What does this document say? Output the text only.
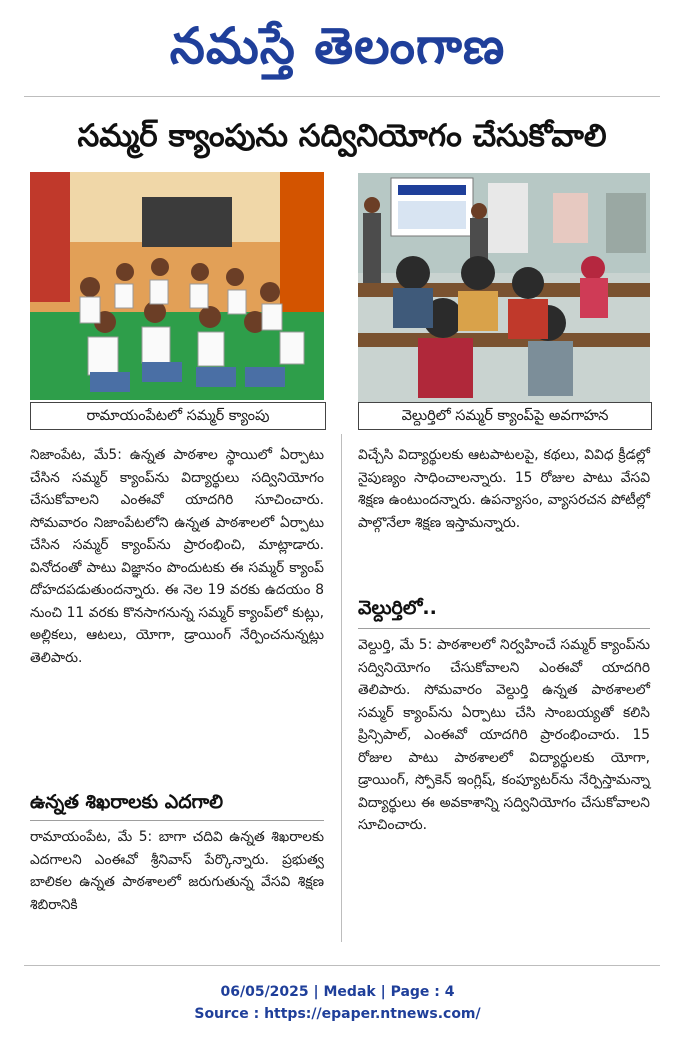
నమస్తే తెలంగాణ
సమ్మర్ క్యాంపును సద్వినియోగం చేసుకోవాలి
రామాయంపేటలో సమ్మర్ క్యాంపు	వెల్దుర్తిలో సమ్మర్ క్యాంప్‌పై అవగాహన
నిజాంపేట, మే5: ఉన్నత పాఠశాల స్థాయిలో ఏర్పాటు చేసిన సమ్మర్ క్యాంప్‌ను విద్యార్థులు సద్వినియోగం చేసుకోవాలని ఎంఈవో యాదగిరి సూచించారు. సోమవారం నిజాంపేటలోని ఉన్నత పాఠశాలలో ఏర్పాటు చేసిన సమ్మర్ క్యాంప్‌ను ప్రారంభించి, మాట్లాడారు. వినోదంతో పాటు విజ్ఞానం పొందుటకు ఈ సమ్మర్ క్యాంప్ దోహదపడుతుందన్నారు. ఈ నెల 19 వరకు ఉదయం 8 నుంచి 11 వరకు కొనసాగనున్న సమ్మర్ క్యాంప్‌లో కుట్లు, అల్లికలు, ఆటలు, యోగా, డ్రాయింగ్ నేర్పించనున్నట్లు తెలిపారు.
ఉన్నత శిఖరాలకు ఎదగాలి
రామాయంపేట, మే 5: బాగా చదివి ఉన్నత శిఖరాలకు ఎదగాలని ఎంఈవో శ్రీనివాస్ పేర్కొన్నారు. ప్రభుత్వ బాలికల ఉన్నత పాఠశాలలో జరుగుతున్న వేసవి శిక్షణ శిబిరానికి
విచ్చేసి విద్యార్థులకు ఆటపాటలపై, కథలు, వివిధ క్రీడల్లో నైపుణ్యం సాధించాలన్నారు. 15 రోజుల పాటు వేసవి శిక్షణ ఉంటుందన్నారు. ఉపన్యాసం, వ్యాసరచన పోటీల్లో పాల్గొనేలా శిక్షణ ఇస్తామన్నారు.
వెల్దుర్తిలో..
వెల్దుర్తి, మే 5: పాఠశాలలో నిర్వహించే సమ్మర్ క్యాంప్‌ను సద్వినియోగం చేసుకోవాలని ఎంఈవో యాదగిరి తెలిపారు. సోమవారం వెల్దుర్తి ఉన్నత పాఠశాలలో సమ్మర్ క్యాంప్‌ను ఏర్పాటు చేసి సాంబయ్యతో కలిసి ప్రిన్సిపాల్, ఎంఈవో యాదగిరి ప్రారంభించారు. 15 రోజుల పాటు పాఠశాలలో విద్యార్థులకు యోగా, డ్రాయింగ్, స్పోకెన్ ఇంగ్లిష్, కంప్యూటర్‌ను నేర్పిస్తామన్నా విద్యార్థులు ఈ అవకాశాన్ని సద్వినియోగం చేసుకోవాలని సూచించారు.
06/05/2025 | Medak | Page : 4
Source : https://epaper.ntnews.com/
